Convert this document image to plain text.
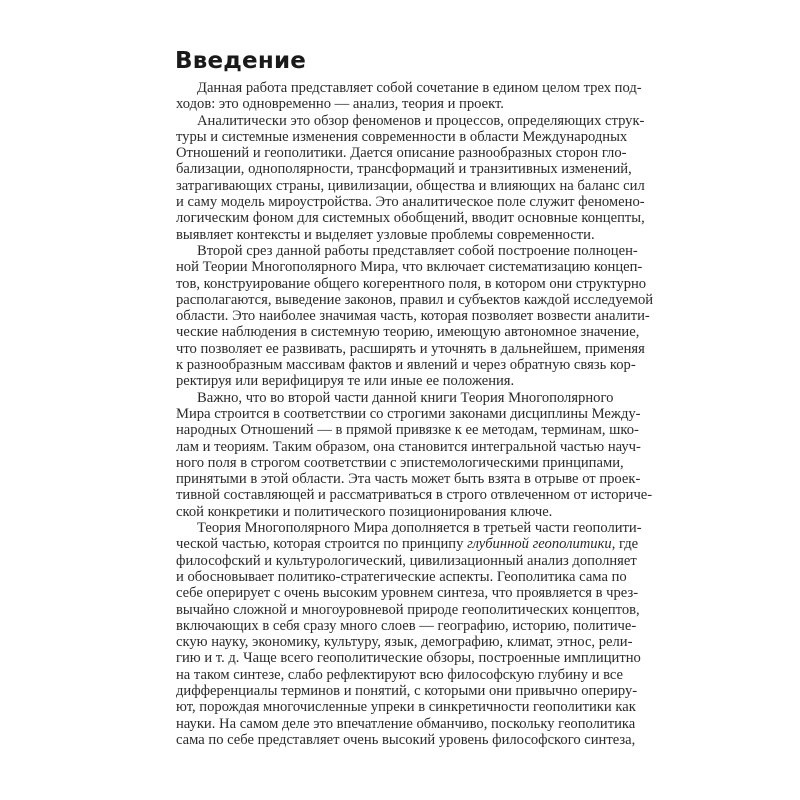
Введение
Данная работа представляет собой сочетание в едином целом трех под-
ходов: это одновременно — анализ, теория и проект.
Аналитически это обзор феноменов и процессов, определяющих струк-
туры и системные изменения современности в области Международных
Отношений и геополитики. Дается описание разнообразных сторон гло-
бализации, однополярности, трансформаций и транзитивных изменений,
затрагивающих страны, цивилизации, общества и влияющих на баланс сил
и саму модель мироустройства. Это аналитическое поле служит феномено-
логическим фоном для системных обобщений, вводит основные концепты,
выявляет контексты и выделяет узловые проблемы современности.
Второй срез данной работы представляет собой построение полноцен-
ной Теории Многополярного Мира, что включает систематизацию концеп-
тов, конструирование общего когерентного поля, в котором они структурно
располагаются, выведение законов, правил и субъектов каждой исследуемой
области. Это наиболее значимая часть, которая позволяет возвести аналити-
ческие наблюдения в системную теорию, имеющую автономное значение,
что позволяет ее развивать, расширять и уточнять в дальнейшем, применяя
к разнообразным массивам фактов и явлений и через обратную связь кор-
ректируя или верифицируя те или иные ее положения.
Важно, что во второй части данной книги Теория Многополярного
Мира строится в соответствии со строгими законами дисциплины Между-
народных Отношений — в прямой привязке к ее методам, терминам, шко-
лам и теориям. Таким образом, она становится интегральной частью науч-
ного поля в строгом соответствии с эпистемологическими принципами,
принятыми в этой области. Эта часть может быть взята в отрыве от проек-
тивной составляющей и рассматриваться в строго отвлеченном от историче-
ской конкретики и политического позиционирования ключе.
Теория Многополярного Мира дополняется в третьей части геополити-
ческой частью, которая строится по принципу глубинной геополитики, где
философский и культурологический, цивилизационный анализ дополняет
и обосновывает политико-стратегические аспекты. Геополитика сама по
себе оперирует с очень высоким уровнем синтеза, что проявляется в чрез-
вычайно сложной и многоуровневой природе геополитических концептов,
включающих в себя сразу много слоев — географию, историю, политиче-
скую науку, экономику, культуру, язык, демографию, климат, этнос, рели-
гию и т. д. Чаще всего геополитические обзоры, построенные имплицитно
на таком синтезе, слабо рефлектируют всю философскую глубину и все
дифференциалы терминов и понятий, с которыми они привычно опериру-
ют, порождая многочисленные упреки в синкретичности геополитики как
науки. На самом деле это впечатление обманчиво, поскольку геополитика
сама по себе представляет очень высокий уровень философского синтеза,
